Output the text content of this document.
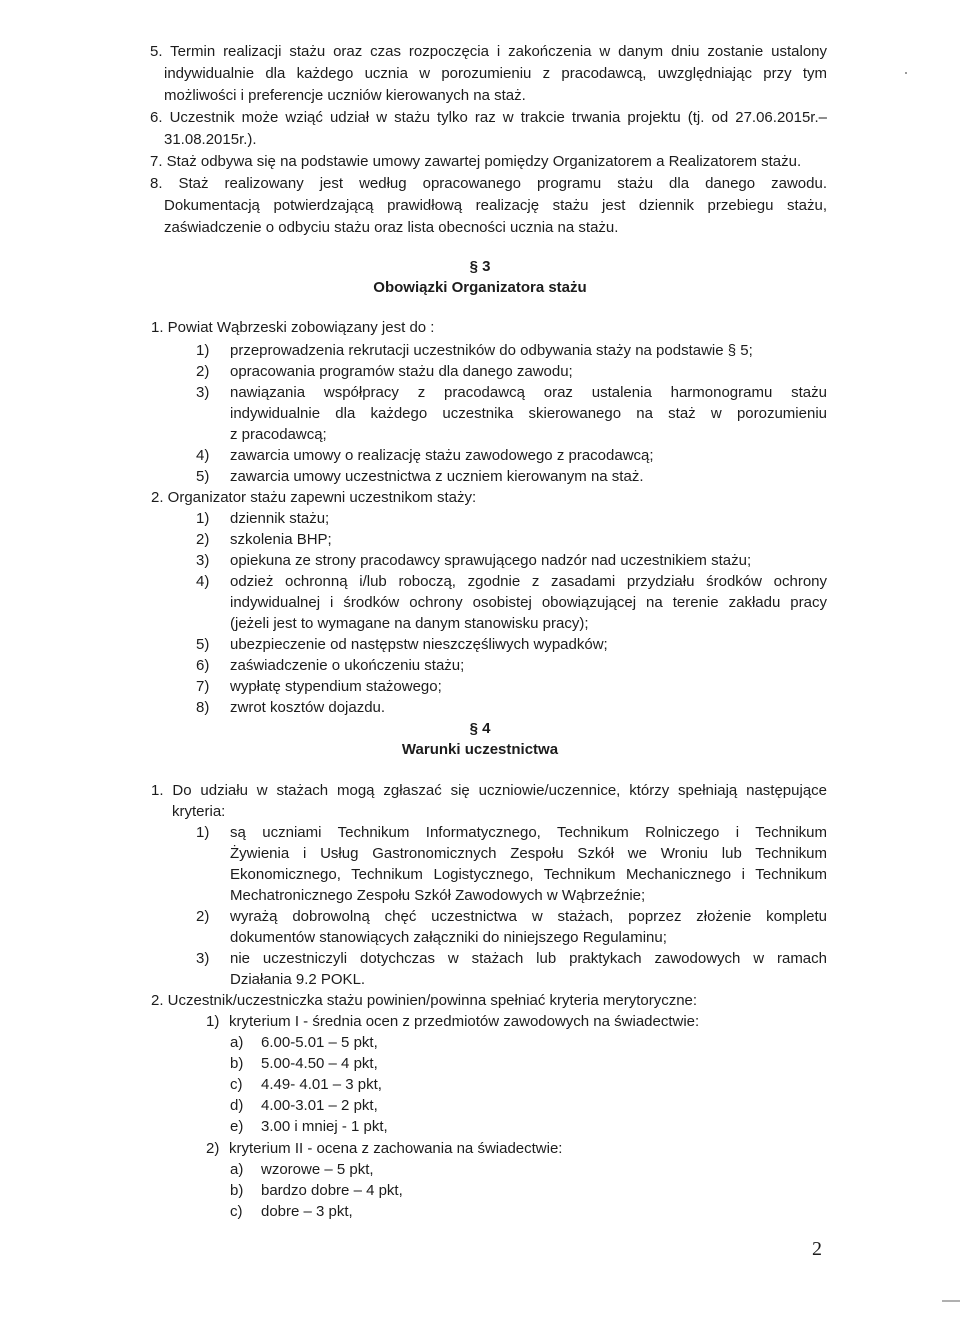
5. Termin realizacji stażu oraz czas rozpoczęcia i zakończenia w danym dniu zostanie ustalony
indywidualnie dla każdego ucznia w porozumieniu z pracodawcą, uwzględniając przy tym
możliwości i preferencje uczniów kierowanych na staż.
6. Uczestnik może wziąć udział w stażu tylko raz w trakcie trwania projektu (tj. od 27.06.2015r.–
31.08.2015r.).
7. Staż odbywa się na podstawie umowy zawartej pomiędzy Organizatorem a Realizatorem stażu.
8. Staż realizowany jest według opracowanego programu stażu dla danego zawodu.
Dokumentacją potwierdzającą prawidłową realizację stażu jest dziennik przebiegu stażu,
zaświadczenie o odbyciu stażu oraz lista obecności ucznia na stażu.
§ 3
Obowiązki Organizatora stażu
1. Powiat Wąbrzeski zobowiązany jest do :
1) przeprowadzenia rekrutacji uczestników do odbywania staży na podstawie § 5;
2) opracowania programów stażu dla danego zawodu;
3) nawiązania współpracy z pracodawcą oraz ustalenia harmonogramu stażu
indywidualnie dla każdego uczestnika skierowanego na staż w porozumieniu
z pracodawcą;
4) zawarcia umowy o realizację stażu zawodowego z pracodawcą;
5) zawarcia umowy uczestnictwa z uczniem kierowanym na staż.
2. Organizator stażu zapewni uczestnikom staży:
1) dziennik stażu;
2) szkolenia BHP;
3) opiekuna ze strony pracodawcy sprawującego nadzór nad uczestnikiem stażu;
4) odzież ochronną i/lub roboczą, zgodnie z zasadami przydziału środków ochrony
indywidualnej i środków ochrony osobistej obowiązującej na terenie zakładu pracy
(jeżeli jest to wymagane na danym stanowisku pracy);
5) ubezpieczenie od następstw nieszczęśliwych wypadków;
6) zaświadczenie o ukończeniu stażu;
7) wypłatę stypendium stażowego;
8) zwrot kosztów dojazdu.
§ 4
Warunki uczestnictwa
1. Do udziału w stażach mogą zgłaszać się uczniowie/uczennice, którzy spełniają następujące
kryteria:
1) są uczniami Technikum Informatycznego, Technikum Rolniczego i Technikum
Żywienia i Usług Gastronomicznych Zespołu Szkół we Wroniu lub Technikum
Ekonomicznego, Technikum Logistycznego, Technikum Mechanicznego i Technikum
Mechatronicznego Zespołu Szkół Zawodowych w Wąbrzeźnie;
2) wyrażą dobrowolną chęć uczestnictwa w stażach, poprzez złożenie kompletu
dokumentów stanowiących załączniki do niniejszego Regulaminu;
3) nie uczestniczyli dotychczas w stażach lub praktykach zawodowych w ramach
Działania 9.2 POKL.
2. Uczestnik/uczestniczka stażu powinien/powinna spełniać kryteria merytoryczne:
1) kryterium I - średnia ocen z przedmiotów zawodowych na świadectwie:
a) 6.00-5.01 – 5 pkt,
b) 5.00-4.50 – 4 pkt,
c) 4.49- 4.01 – 3 pkt,
d) 4.00-3.01 – 2 pkt,
e) 3.00 i mniej - 1 pkt,
2) kryterium II - ocena z zachowania na świadectwie:
a) wzorowe – 5 pkt,
b) bardzo dobre – 4 pkt,
c) dobre – 3 pkt,
2
